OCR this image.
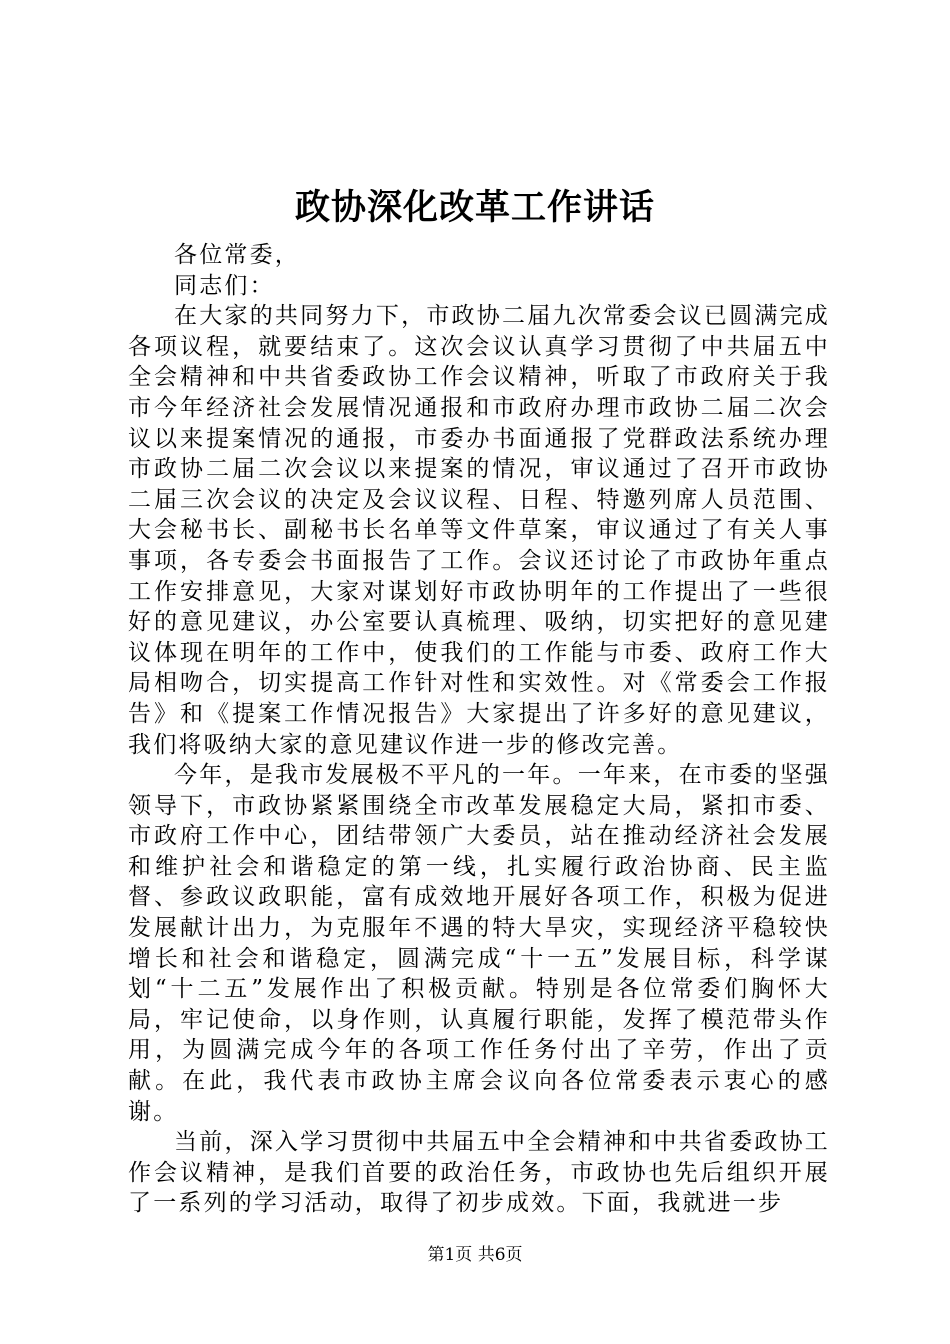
政协深化改革工作讲话

各位常委，

同志们：

在大家的共同努力下，市政协二届九次常委会议已圆满完成各项议程，就要结束了。这次会议认真学习贯彻了中共届五中全会精神和中共省委政协工作会议精神，听取了市政府关于我市今年经济社会发展情况通报和市政府办理市政协二届二次会议以来提案情况的通报，市委办书面通报了党群政法系统办理市政协二届二次会议以来提案的情况，审议通过了召开市政协二届三次会议的决定及会议议程、日程、特邀列席人员范围、大会秘书长、副秘书长名单等文件草案，审议通过了有关人事事项，各专委会书面报告了工作。会议还讨论了市政协年重点工作安排意见，大家对谋划好市政协明年的工作提出了一些很好的意见建议，办公室要认真梳理、吸纳，切实把好的意见建议体现在明年的工作中，使我们的工作能与市委、政府工作大局相吻合，切实提高工作针对性和实效性。对《常委会工作报告》和《提案工作情况报告》大家提出了许多好的意见建议，我们将吸纳大家的意见建议作进一步的修改完善。

今年，是我市发展极不平凡的一年。一年来，在市委的坚强领导下，市政协紧紧围绕全市改革发展稳定大局，紧扣市委、市政府工作中心，团结带领广大委员，站在推动经济社会发展和维护社会和谐稳定的第一线，扎实履行政治协商、民主监督、参政议政职能，富有成效地开展好各项工作，积极为促进发展献计出力，为克服年不遇的特大旱灾，实现经济平稳较快增长和社会和谐稳定，圆满完成“十一五”发展目标，科学谋划“十二五”发展作出了积极贡献。特别是各位常委们胸怀大局，牢记使命，以身作则，认真履行职能，发挥了模范带头作用，为圆满完成今年的各项工作任务付出了辛劳，作出了贡献。在此，我代表市政协主席会议向各位常委表示衷心的感谢。

当前，深入学习贯彻中共届五中全会精神和中共省委政协工作会议精神，是我们首要的政治任务，市政协也先后组织开展了一系列的学习活动，取得了初步成效。下面，我就进一步

第1页 共6页
